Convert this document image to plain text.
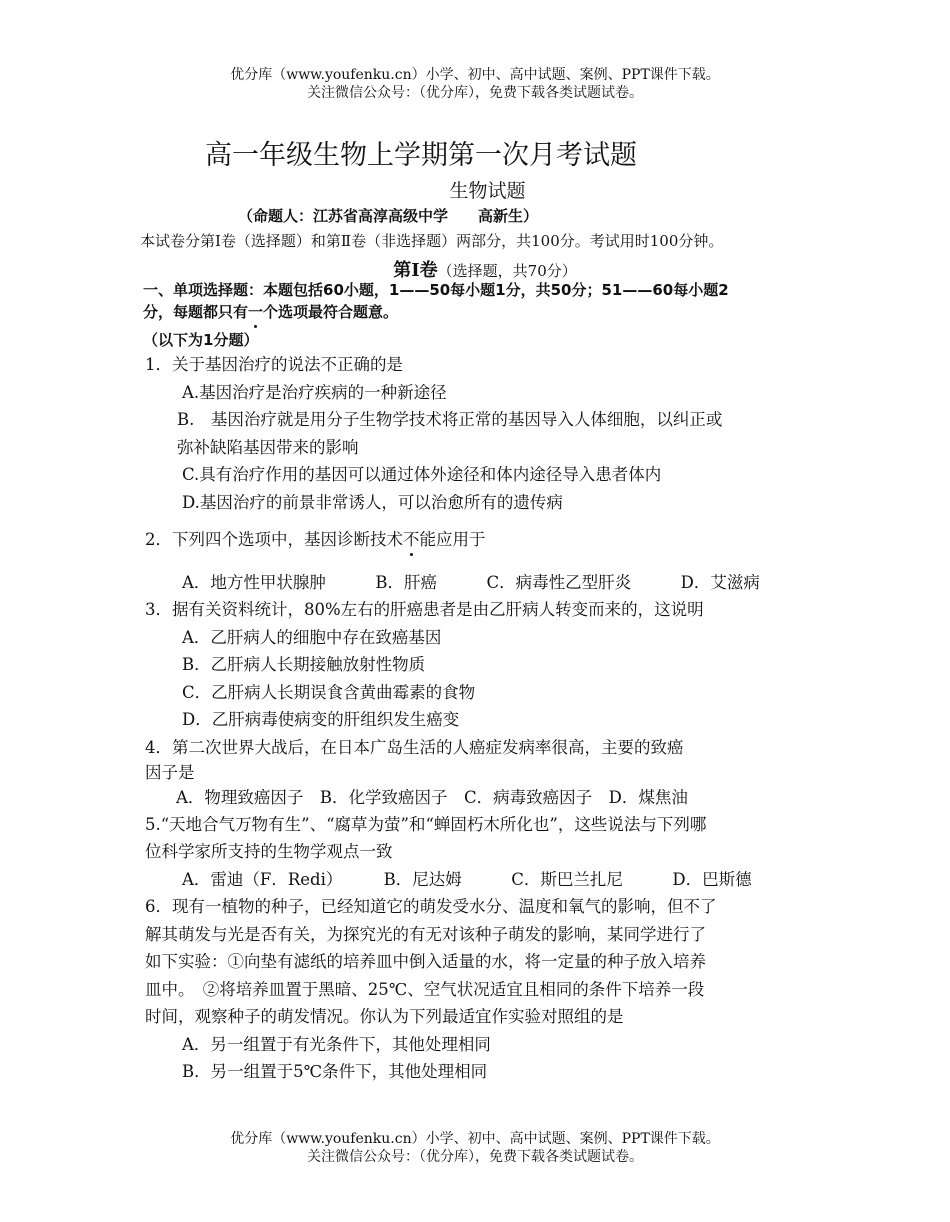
优分库（www.youfenku.cn）小学、初中、高中试题、案例、PPT课件下载。
关注微信公众号：（优分库），免费下载各类试题试卷。
高一年级生物上学期第一次月考试题
生物试题
（命题人：江苏省高淳高级中学　　高新生）
本试卷分第Ⅰ卷（选择题）和第Ⅱ卷（非选择题）两部分，共100分。考试用时100分钟。
第Ⅰ卷（选择题，共70分）
一、单项选择题：本题包括60小题，1——50每小题1分，共50分；51——60每小题2
分，每题都只有一个选项最符合题意。
（以下为1分题）
1．关于基因治疗的说法不正确的是
A.基因治疗是治疗疾病的一种新途径
B.　基因治疗就是用分子生物学技术将正常的基因导入人体细胞，以纠正或
弥补缺陷基因带来的影响
C.具有治疗作用的基因可以通过体外途径和体内途径导入患者体内
D.基因治疗的前景非常诱人，可以治愈所有的遗传病
2．下列四个选项中，基因诊断技术不能应用于
A．地方性甲状腺肿　　　B．肝癌　　　C．病毒性乙型肝炎　　　D．艾滋病
3．据有关资料统计，80%左右的肝癌患者是由乙肝病人转变而来的，这说明
A．乙肝病人的细胞中存在致癌基因
B．乙肝病人长期接触放射性物质
C．乙肝病人长期误食含黄曲霉素的食物
D．乙肝病毒使病变的肝组织发生癌变
4．第二次世界大战后，在日本广岛生活的人癌症发病率很高，主要的致癌
因子是
A．物理致癌因子　B．化学致癌因子　C．病毒致癌因子　D．煤焦油
5.“天地合气万物有生”、“腐草为萤”和“蝉固朽木所化也”，这些说法与下列哪
位科学家所支持的生物学观点一致
A．雷迪（F．Redi）　　　B．尼达姆　　　C．斯巴兰扎尼　　　D．巴斯德
6．现有一植物的种子，已经知道它的萌发受水分、温度和氧气的影响，但不了
解其萌发与光是否有关，为探究光的有无对该种子萌发的影响，某同学进行了
如下实验：①向垫有滤纸的培养皿中倒入适量的水，将一定量的种子放入培养
皿中。　②将培养皿置于黑暗、25℃、空气状况适宜且相同的条件下培养一段
时间，观察种子的萌发情况。你认为下列最适宜作实验对照组的是
A．另一组置于有光条件下，其他处理相同
B．另一组置于5℃条件下，其他处理相同
优分库（www.youfenku.cn）小学、初中、高中试题、案例、PPT课件下载。
关注微信公众号：（优分库），免费下载各类试题试卷。
